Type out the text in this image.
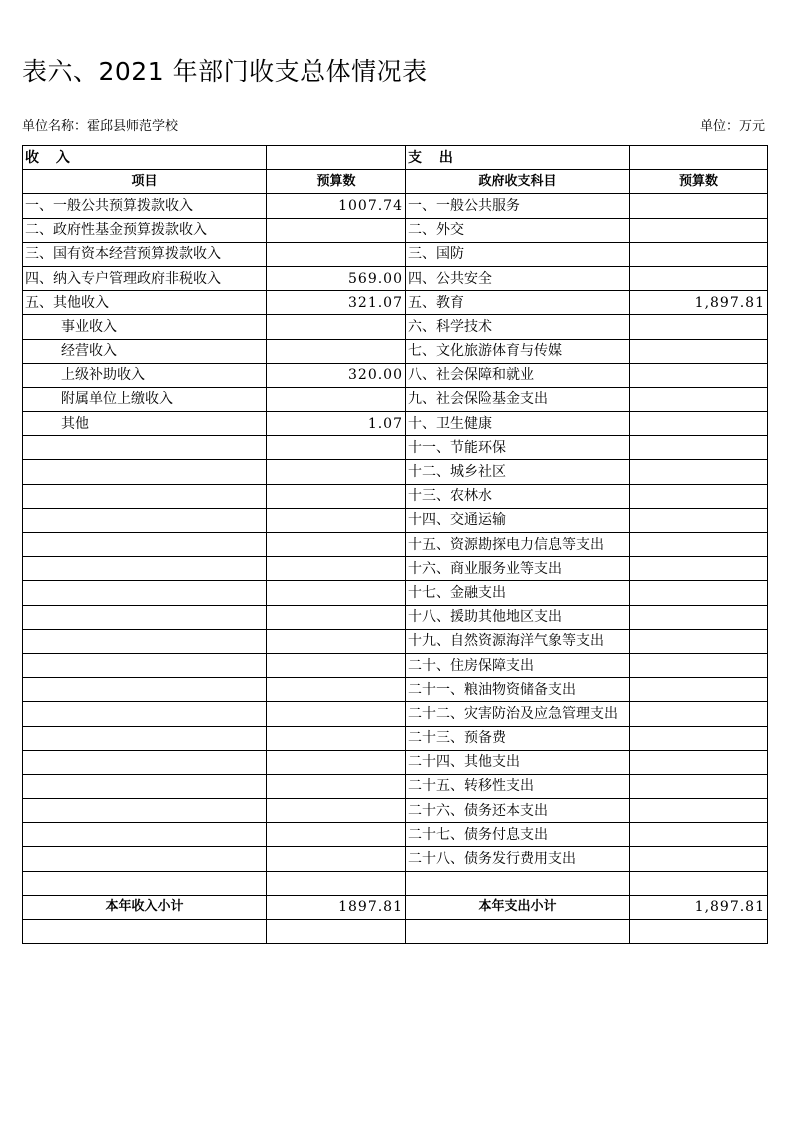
表六、2021 年部门收支总体情况表
单位名称：霍邱县师范学校	单位：万元
收 入		支 出	
项目	预算数	政府收支科目	预算数
一、一般公共预算拨款收入	1007.74	一、一般公共服务	
二、政府性基金预算拨款收入		二、外交	
三、国有资本经营预算拨款收入		三、国防	
四、纳入专户管理政府非税收入	569.00	四、公共安全	
五、其他收入	321.07	五、教育	1,897.81
事业收入		六、科学技术	
经营收入		七、文化旅游体育与传媒	
上级补助收入	320.00	八、社会保障和就业	
附属单位上缴收入		九、社会保险基金支出	
其他	1.07	十、卫生健康	
		十一、节能环保	
		十二、城乡社区	
		十三、农林水	
		十四、交通运输	
		十五、资源勘探电力信息等支出	
		十六、商业服务业等支出	
		十七、金融支出	
		十八、援助其他地区支出	
		十九、自然资源海洋气象等支出	
		二十、住房保障支出	
		二十一、粮油物资储备支出	
		二十二、灾害防治及应急管理支出	
		二十三、预备费	
		二十四、其他支出	
		二十五、转移性支出	
		二十六、债务还本支出	
		二十七、债务付息支出	
		二十八、债务发行费用支出	

本年收入小计	1897.81	本年支出小计	1,897.81
